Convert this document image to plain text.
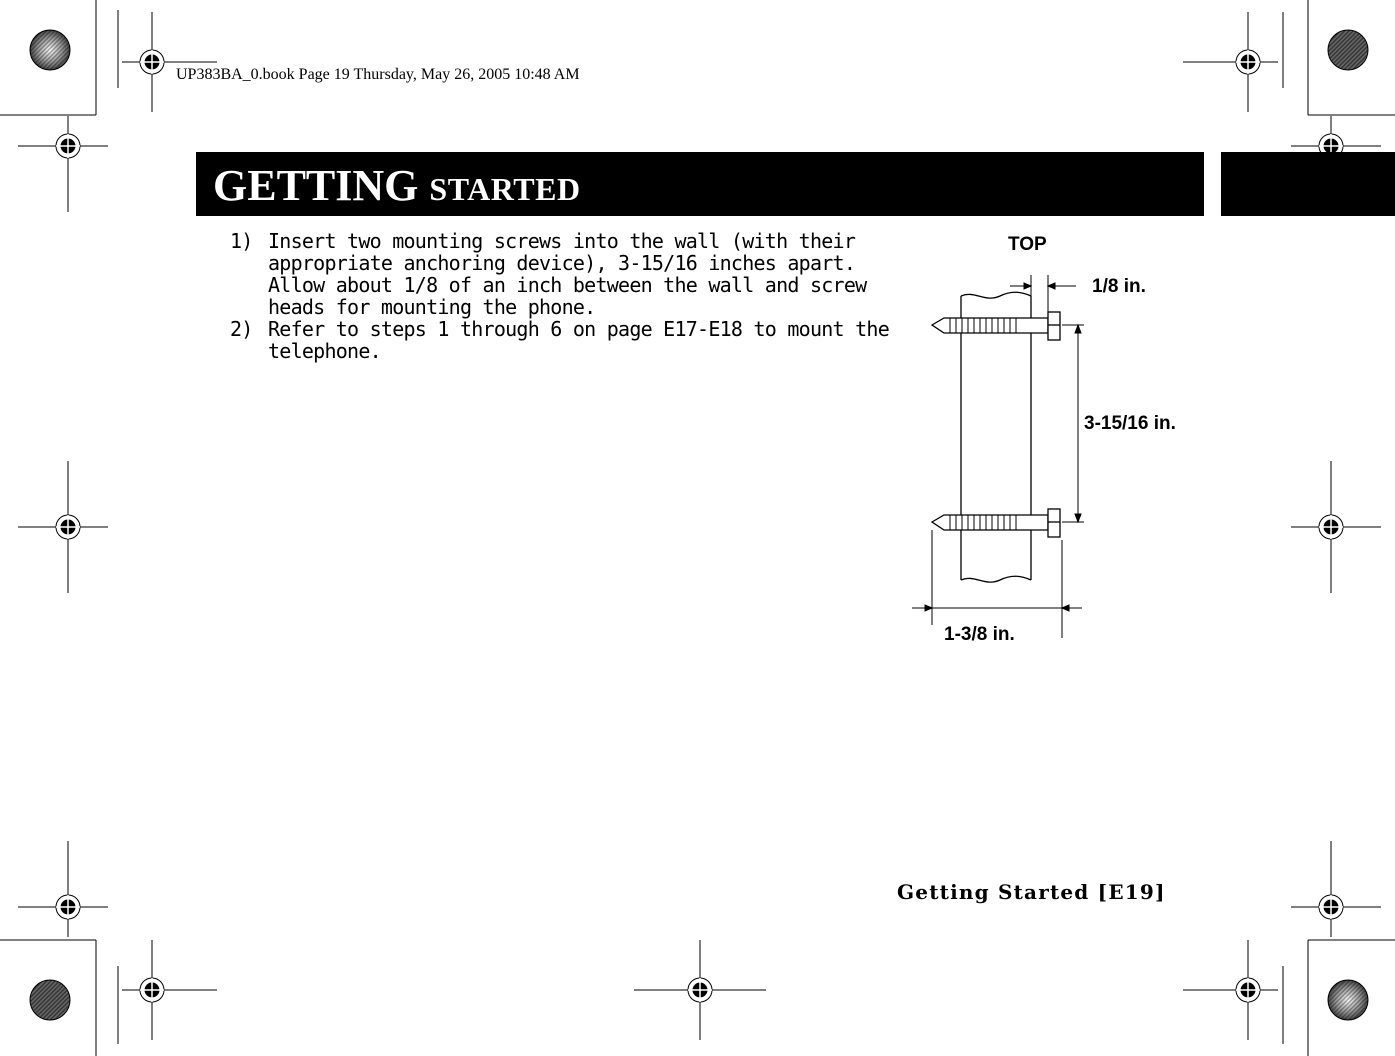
UP383BA_0.book Page 19 Thursday, May 26, 2005 10:48 AM
GETTING STARTED
1) Insert two mounting screws into the wall (with their
appropriate anchoring device), 3-15/16 inches apart.
Allow about 1/8 of an inch between the wall and screw
heads for mounting the phone.
2) Refer to steps 1 through 6 on page E17-E18 to mount the
telephone.
TOP
1/8 in.
3-15/16 in.
1-3/8 in.
Getting Started [E19]
